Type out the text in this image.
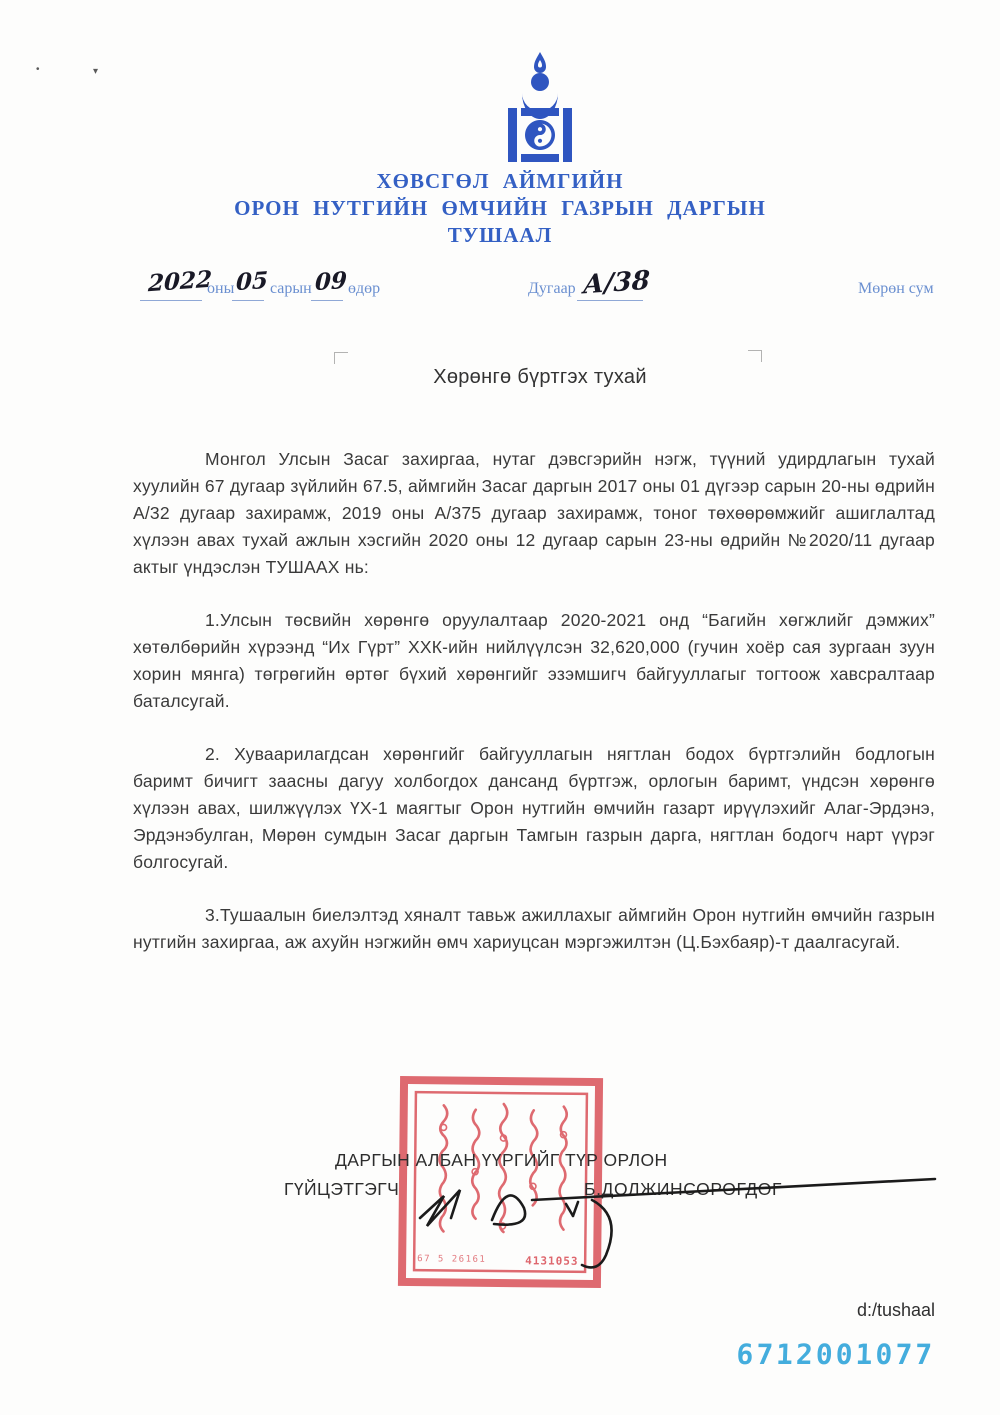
•	▾
ХӨВСГӨЛ АЙМГИЙН
ОРОН НУТГИЙН ӨМЧИЙН ГАЗРЫН ДАРГЫН
ТУШААЛ
2022
оны 05 сарын 09 өдөр	Дугаар А/38	Мөрөн сум
Хөрөнгө бүртгэх тухай

Монгол Улсын Засаг захиргаа, нутаг дэвсгэрийн нэгж, түүний удирдлагын тухай хуулийн 67 дугаар зүйлийн 67.5, аймгийн Засаг даргын 2017 оны 01 дүгээр сарын 20-ны өдрийн А/32 дугаар захирамж, 2019 оны А/375 дугаар захирамж, тоног төхөөрөмжийг ашиглалтад хүлээн авах тухай ажлын хэсгийн 2020 оны 12 дугаар сарын 23-ны өдрийн №2020/11 дугаар актыг үндэслэн ТУШААХ нь:

1.Улсын төсвийн хөрөнгө оруулалтаар 2020-2021 онд “Багийн хөгжлийг дэмжих” хөтөлбөрийн хүрээнд “Их Гүрт” ХХК-ийн нийлүүлсэн 32,620,000 (гучин хоёр сая зургаан зуун хорин мянга) төгрөгийн өртөг бүхий хөрөнгийг эзэмшигч байгууллагыг тогтоож хавсралтаар баталсугай.

2. Хуваарилагдсан хөрөнгийг байгууллагын нягтлан бодох бүртгэлийн бодлогын баримт бичигт заасны дагуу холбогдох дансанд бүртгэж, орлогын баримт, үндсэн хөрөнгө хүлээн авах, шилжүүлэх ҮХ-1 маягтыг Орон нутгийн өмчийн газарт ирүүлэхийг Алаг-Эрдэнэ, Эрдэнэбулган, Мөрөн сумдын Засаг даргын Тамгын газрын дарга, нягтлан бодогч нарт үүрэг болгосугай.

3.Тушаалын биелэлтэд хяналт тавьж ажиллахыг аймгийн Орон нутгийн өмчийн газрын нутгийн захиргаа, аж ахуйн нэгжийн өмч хариуцсан мэргэжилтэн (Ц.Бэхбаяр)-т даалгасугай.

67 5 26161	4131053
ДАРГЫН АЛБАН ҮҮРГИЙГ ТҮР ОРЛОН
ГҮЙЦЭТГЭГЧ	Б.ДОЛЖИНСОРОГДОГ
d:/tushaal
6712001077
